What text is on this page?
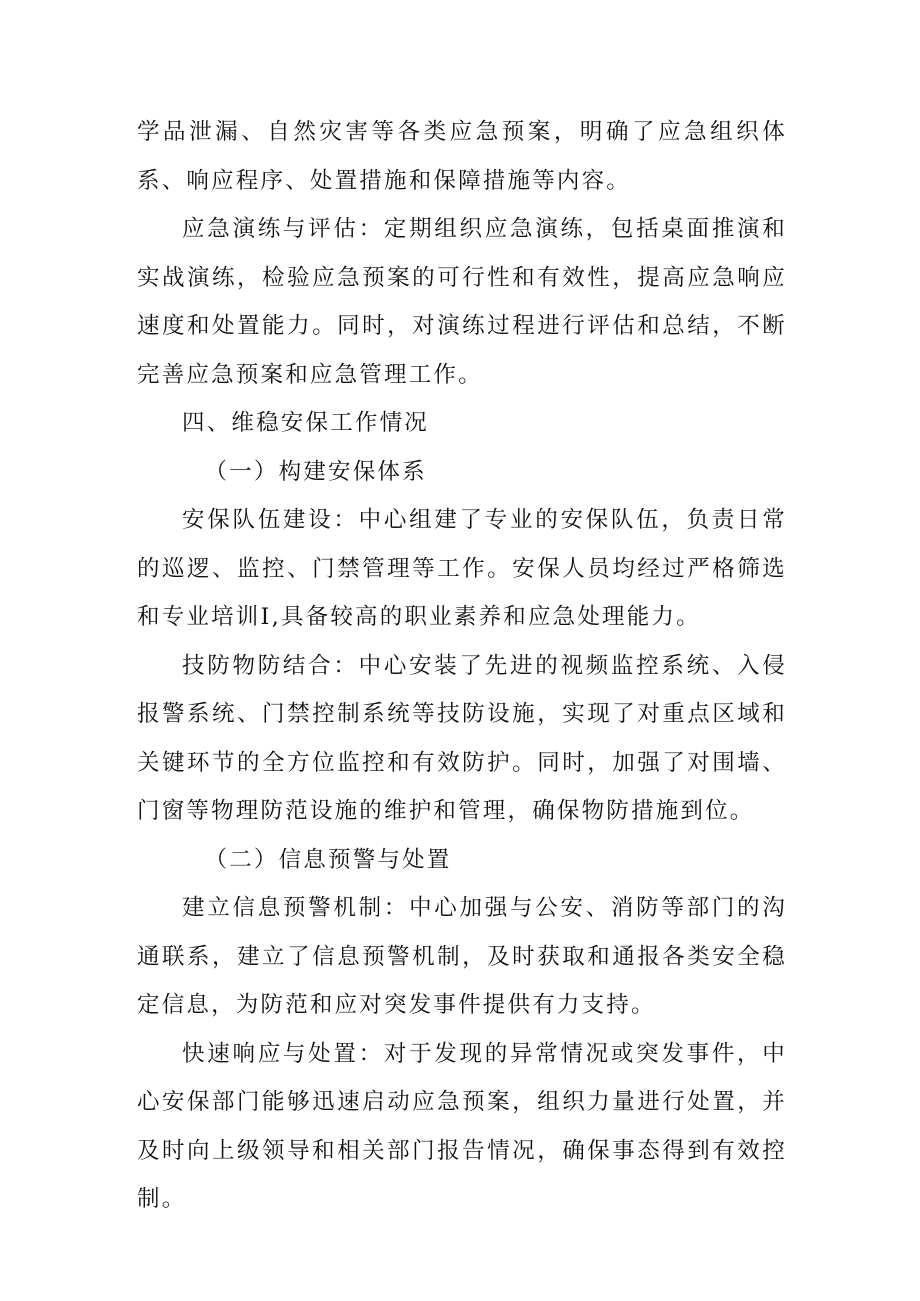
学品泄漏、自然灾害等各类应急预案，明确了应急组织体系、响应程序、处置措施和保障措施等内容。

应急演练与评估：定期组织应急演练，包括桌面推演和实战演练，检验应急预案的可行性和有效性，提高应急响应速度和处置能力。同时，对演练过程进行评估和总结，不断完善应急预案和应急管理工作。

四、维稳安保工作情况

（一）构建安保体系

安保队伍建设：中心组建了专业的安保队伍，负责日常的巡逻、监控、门禁管理等工作。安保人员均经过严格筛选和专业培训I,具备较高的职业素养和应急处理能力。

技防物防结合：中心安装了先进的视频监控系统、入侵报警系统、门禁控制系统等技防设施，实现了对重点区域和关键环节的全方位监控和有效防护。同时，加强了对围墙、门窗等物理防范设施的维护和管理，确保物防措施到位。

（二）信息预警与处置

建立信息预警机制：中心加强与公安、消防等部门的沟通联系，建立了信息预警机制，及时获取和通报各类安全稳定信息，为防范和应对突发事件提供有力支持。

快速响应与处置：对于发现的异常情况或突发事件，中心安保部门能够迅速启动应急预案，组织力量进行处置，并及时向上级领导和相关部门报告情况，确保事态得到有效控制。
